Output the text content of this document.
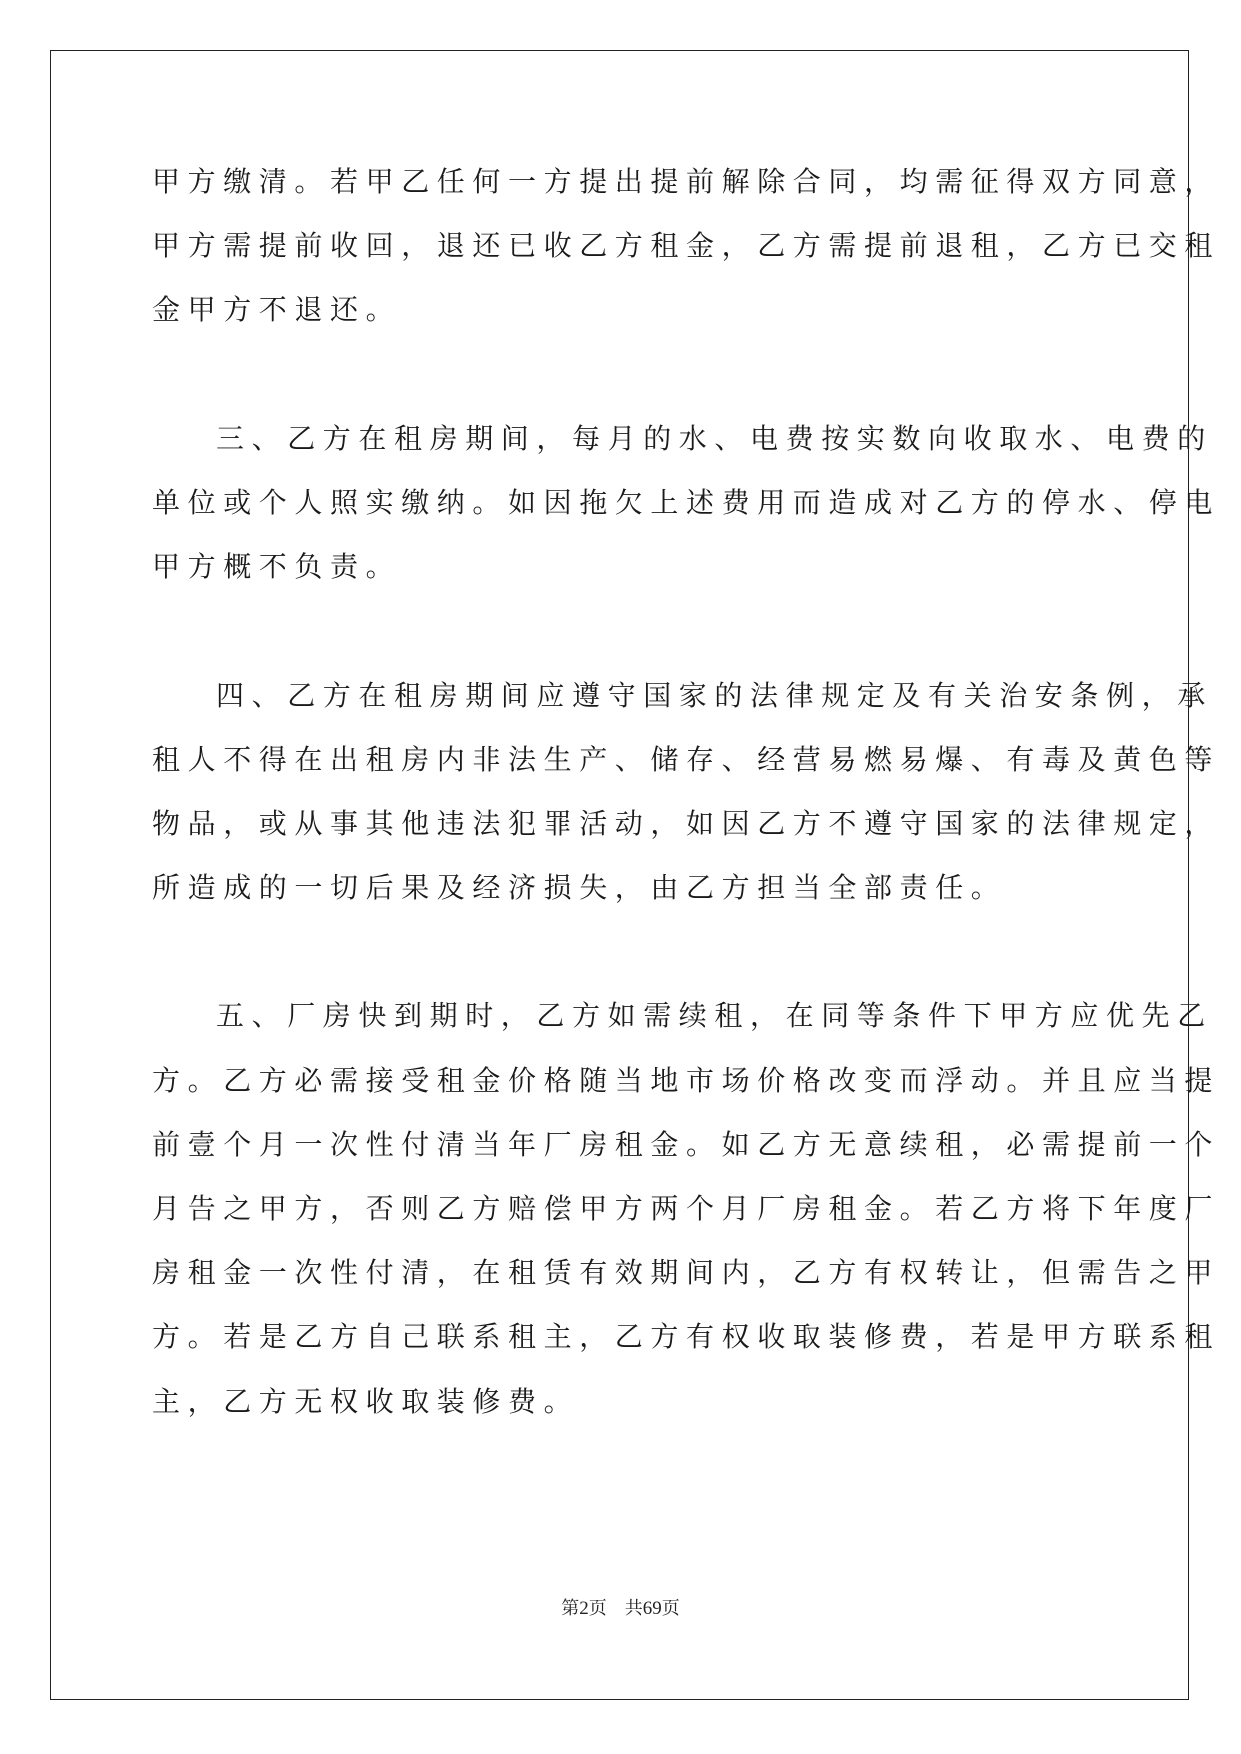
甲方缴清。若甲乙任何一方提出提前解除合同，均需征得双方同意，
甲方需提前收回，退还已收乙方租金，乙方需提前退租，乙方已交租
金甲方不退还。
三、乙方在租房期间，每月的水、电费按实数向收取水、电费的
单位或个人照实缴纳。如因拖欠上述费用而造成对乙方的停水、停电
甲方概不负责。
四、乙方在租房期间应遵守国家的法律规定及有关治安条例，承
租人不得在出租房内非法生产、储存、经营易燃易爆、有毒及黄色等
物品，或从事其他违法犯罪活动，如因乙方不遵守国家的法律规定，
所造成的一切后果及经济损失，由乙方担当全部责任。
五、厂房快到期时，乙方如需续租，在同等条件下甲方应优先乙
方。乙方必需接受租金价格随当地市场价格改变而浮动。并且应当提
前壹个月一次性付清当年厂房租金。如乙方无意续租，必需提前一个
月告之甲方，否则乙方赔偿甲方两个月厂房租金。若乙方将下年度厂
房租金一次性付清，在租赁有效期间内，乙方有权转让，但需告之甲
方。若是乙方自己联系租主，乙方有权收取装修费，若是甲方联系租
主，乙方无权收取装修费。
第2页 共69页
